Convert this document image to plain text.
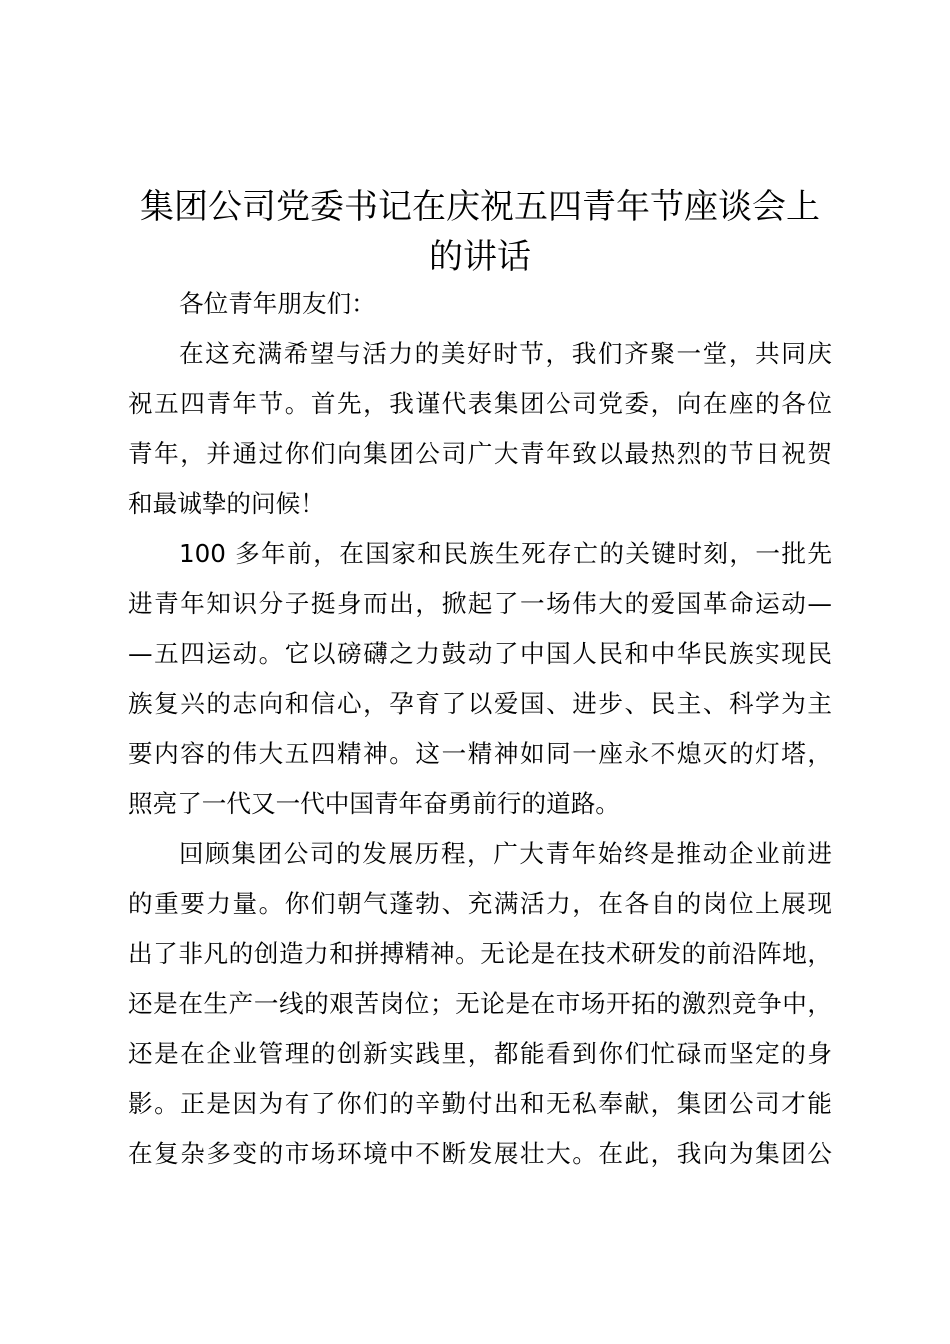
集团公司党委书记在庆祝五四青年节座谈会上
的讲话
各位青年朋友们：
在这充满希望与活力的美好时节，我们齐聚一堂，共同庆
祝五四青年节。首先，我谨代表集团公司党委，向在座的各位
青年，并通过你们向集团公司广大青年致以最热烈的节日祝贺
和最诚挚的问候！
100 多年前，在国家和民族生死存亡的关键时刻，一批先
进青年知识分子挺身而出，掀起了一场伟大的爱国革命运动—
—五四运动。它以磅礴之力鼓动了中国人民和中华民族实现民
族复兴的志向和信心，孕育了以爱国、进步、民主、科学为主
要内容的伟大五四精神。这一精神如同一座永不熄灭的灯塔，
照亮了一代又一代中国青年奋勇前行的道路。
回顾集团公司的发展历程，广大青年始终是推动企业前进
的重要力量。你们朝气蓬勃、充满活力，在各自的岗位上展现
出了非凡的创造力和拼搏精神。无论是在技术研发的前沿阵地，
还是在生产一线的艰苦岗位；无论是在市场开拓的激烈竞争中，
还是在企业管理的创新实践里，都能看到你们忙碌而坚定的身
影。正是因为有了你们的辛勤付出和无私奉献，集团公司才能
在复杂多变的市场环境中不断发展壮大。在此，我向为集团公
